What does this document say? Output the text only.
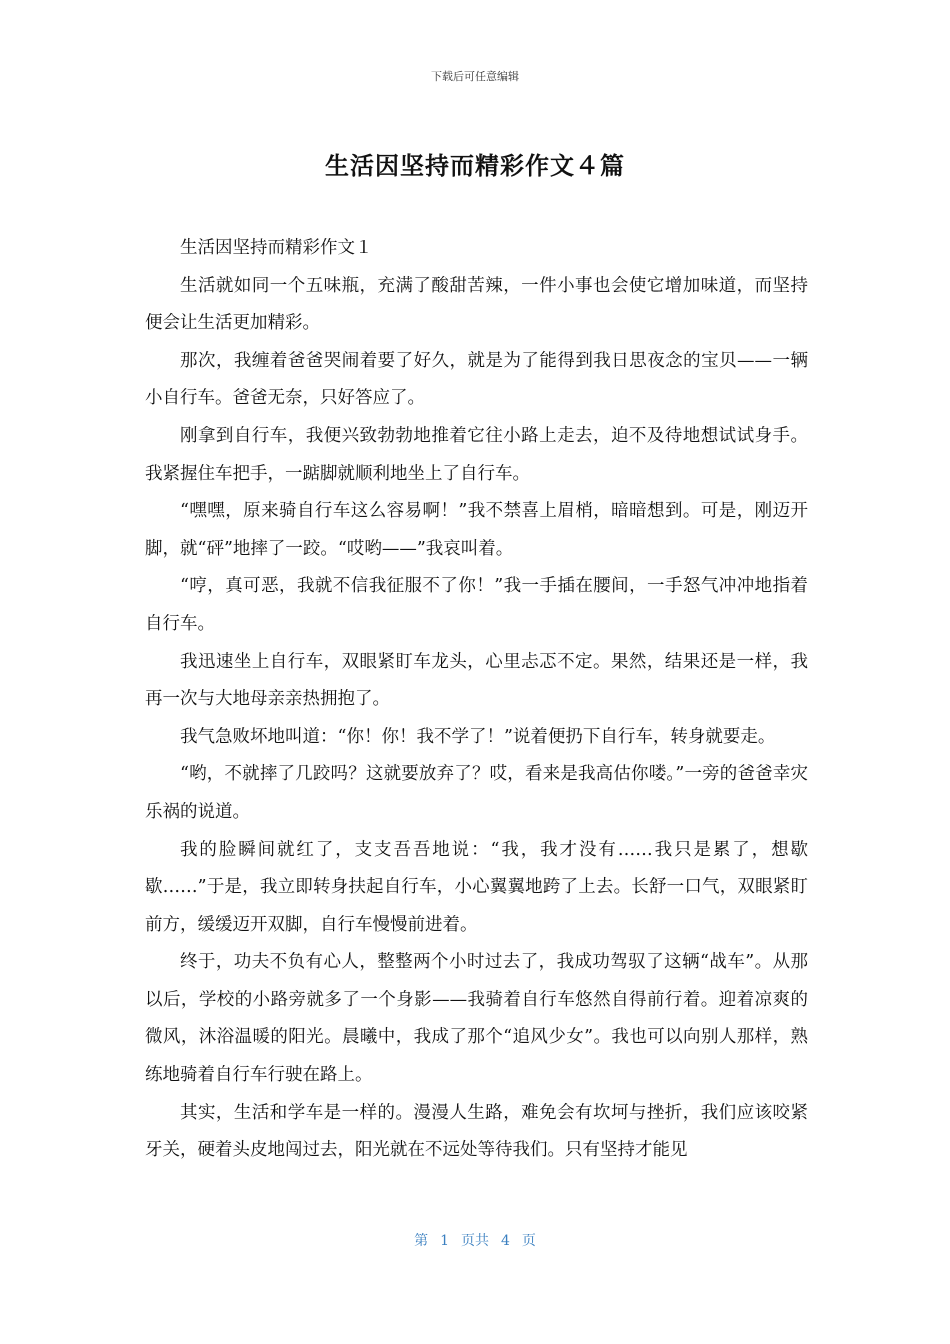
下载后可任意编辑
生活因坚持而精彩作文４篇

生活因坚持而精彩作文１

生活就如同一个五味瓶，充满了酸甜苦辣，一件小事也会使它增加味道，而坚持便会让生活更加精彩。

那次，我缠着爸爸哭闹着要了好久，就是为了能得到我日思夜念的宝贝——一辆小自行车。爸爸无奈，只好答应了。

刚拿到自行车，我便兴致勃勃地推着它往小路上走去，迫不及待地想试试身手。我紧握住车把手，一踮脚就顺利地坐上了自行车。

“嘿嘿，原来骑自行车这么容易啊！”我不禁喜上眉梢，暗暗想到。可是，刚迈开脚，就“砰”地摔了一跤。“哎哟——”我哀叫着。

“哼，真可恶，我就不信我征服不了你！”我一手插在腰间，一手怒气冲冲地指着自行车。

我迅速坐上自行车，双眼紧盯车龙头，心里忐忑不定。果然，结果还是一样，我再一次与大地母亲亲热拥抱了。

我气急败坏地叫道：“你！你！我不学了！”说着便扔下自行车，转身就要走。

“哟，不就摔了几跤吗？这就要放弃了？哎，看来是我高估你喽。”一旁的爸爸幸灾乐祸的说道。

我的脸瞬间就红了，支支吾吾地说：“我，我才没有……我只是累了，想歇歇……”于是，我立即转身扶起自行车，小心翼翼地跨了上去。长舒一口气，双眼紧盯前方，缓缓迈开双脚，自行车慢慢前进着。

终于，功夫不负有心人，整整两个小时过去了，我成功驾驭了这辆“战车”。从那以后，学校的小路旁就多了一个身影——我骑着自行车悠然自得前行着。迎着凉爽的微风，沐浴温暖的阳光。晨曦中，我成了那个“追风少女”。我也可以向别人那样，熟练地骑着自行车行驶在路上。

其实，生活和学车是一样的。漫漫人生路，难免会有坎坷与挫折，我们应该咬紧牙关，硬着头皮地闯过去，阳光就在不远处等待我们。只有坚持才能见

第 1 页共 4 页
